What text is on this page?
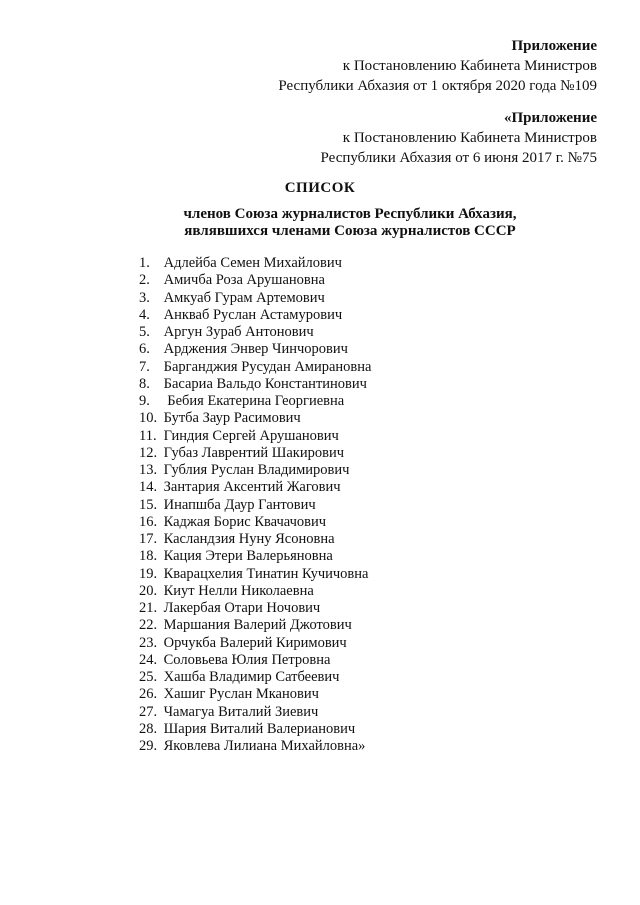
Приложение
к Постановлению Кабинета Министров
Республики Абхазия от 1 октября 2020 года №109
«Приложение
к Постановлению Кабинета Министров
Республики Абхазия от 6 июня 2017 г. №75
СПИСОК
членов Союза журналистов Республики Абхазия,
являвшихся членами Союза журналистов СССР
1. Адлейба Семен Михайлович
2. Амичба Роза Арушановна
3. Амкуаб Гурам Артемович
4. Анкваб Руслан Астамурович
5. Аргун Зураб Антонович
6. Арджения Энвер Чинчорович
7. Барганджия Русудан Амирановна
8. Басариа Вальдо Константинович
9.  Бебия Екатерина Георгиевна
10. Бутба Заур Расимович
11. Гиндия Сергей Арушанович
12. Губаз Лаврентий Шакирович
13. Гублия Руслан Владимирович
14. Зантария Аксентий Жагович
15. Инапшба Даур Гантович
16. Каджая Борис Квачачович
17. Касландзия Нуну Ясоновна
18. Кация Этери Валерьяновна
19. Кварацхелия Тинатин Кучичовна
20. Киут Нелли Николаевна
21. Лакербая Отари Ночович
22. Маршания Валерий Джотович
23. Орчукба Валерий Киримович
24. Соловьева Юлия Петровна
25. Хашба Владимир Сатбеевич
26. Хашиг Руслан Мканович
27. Чамагуа Виталий Зиевич
28. Шария Виталий Валерианович
29. Яковлева Лилиана Михайловна»
